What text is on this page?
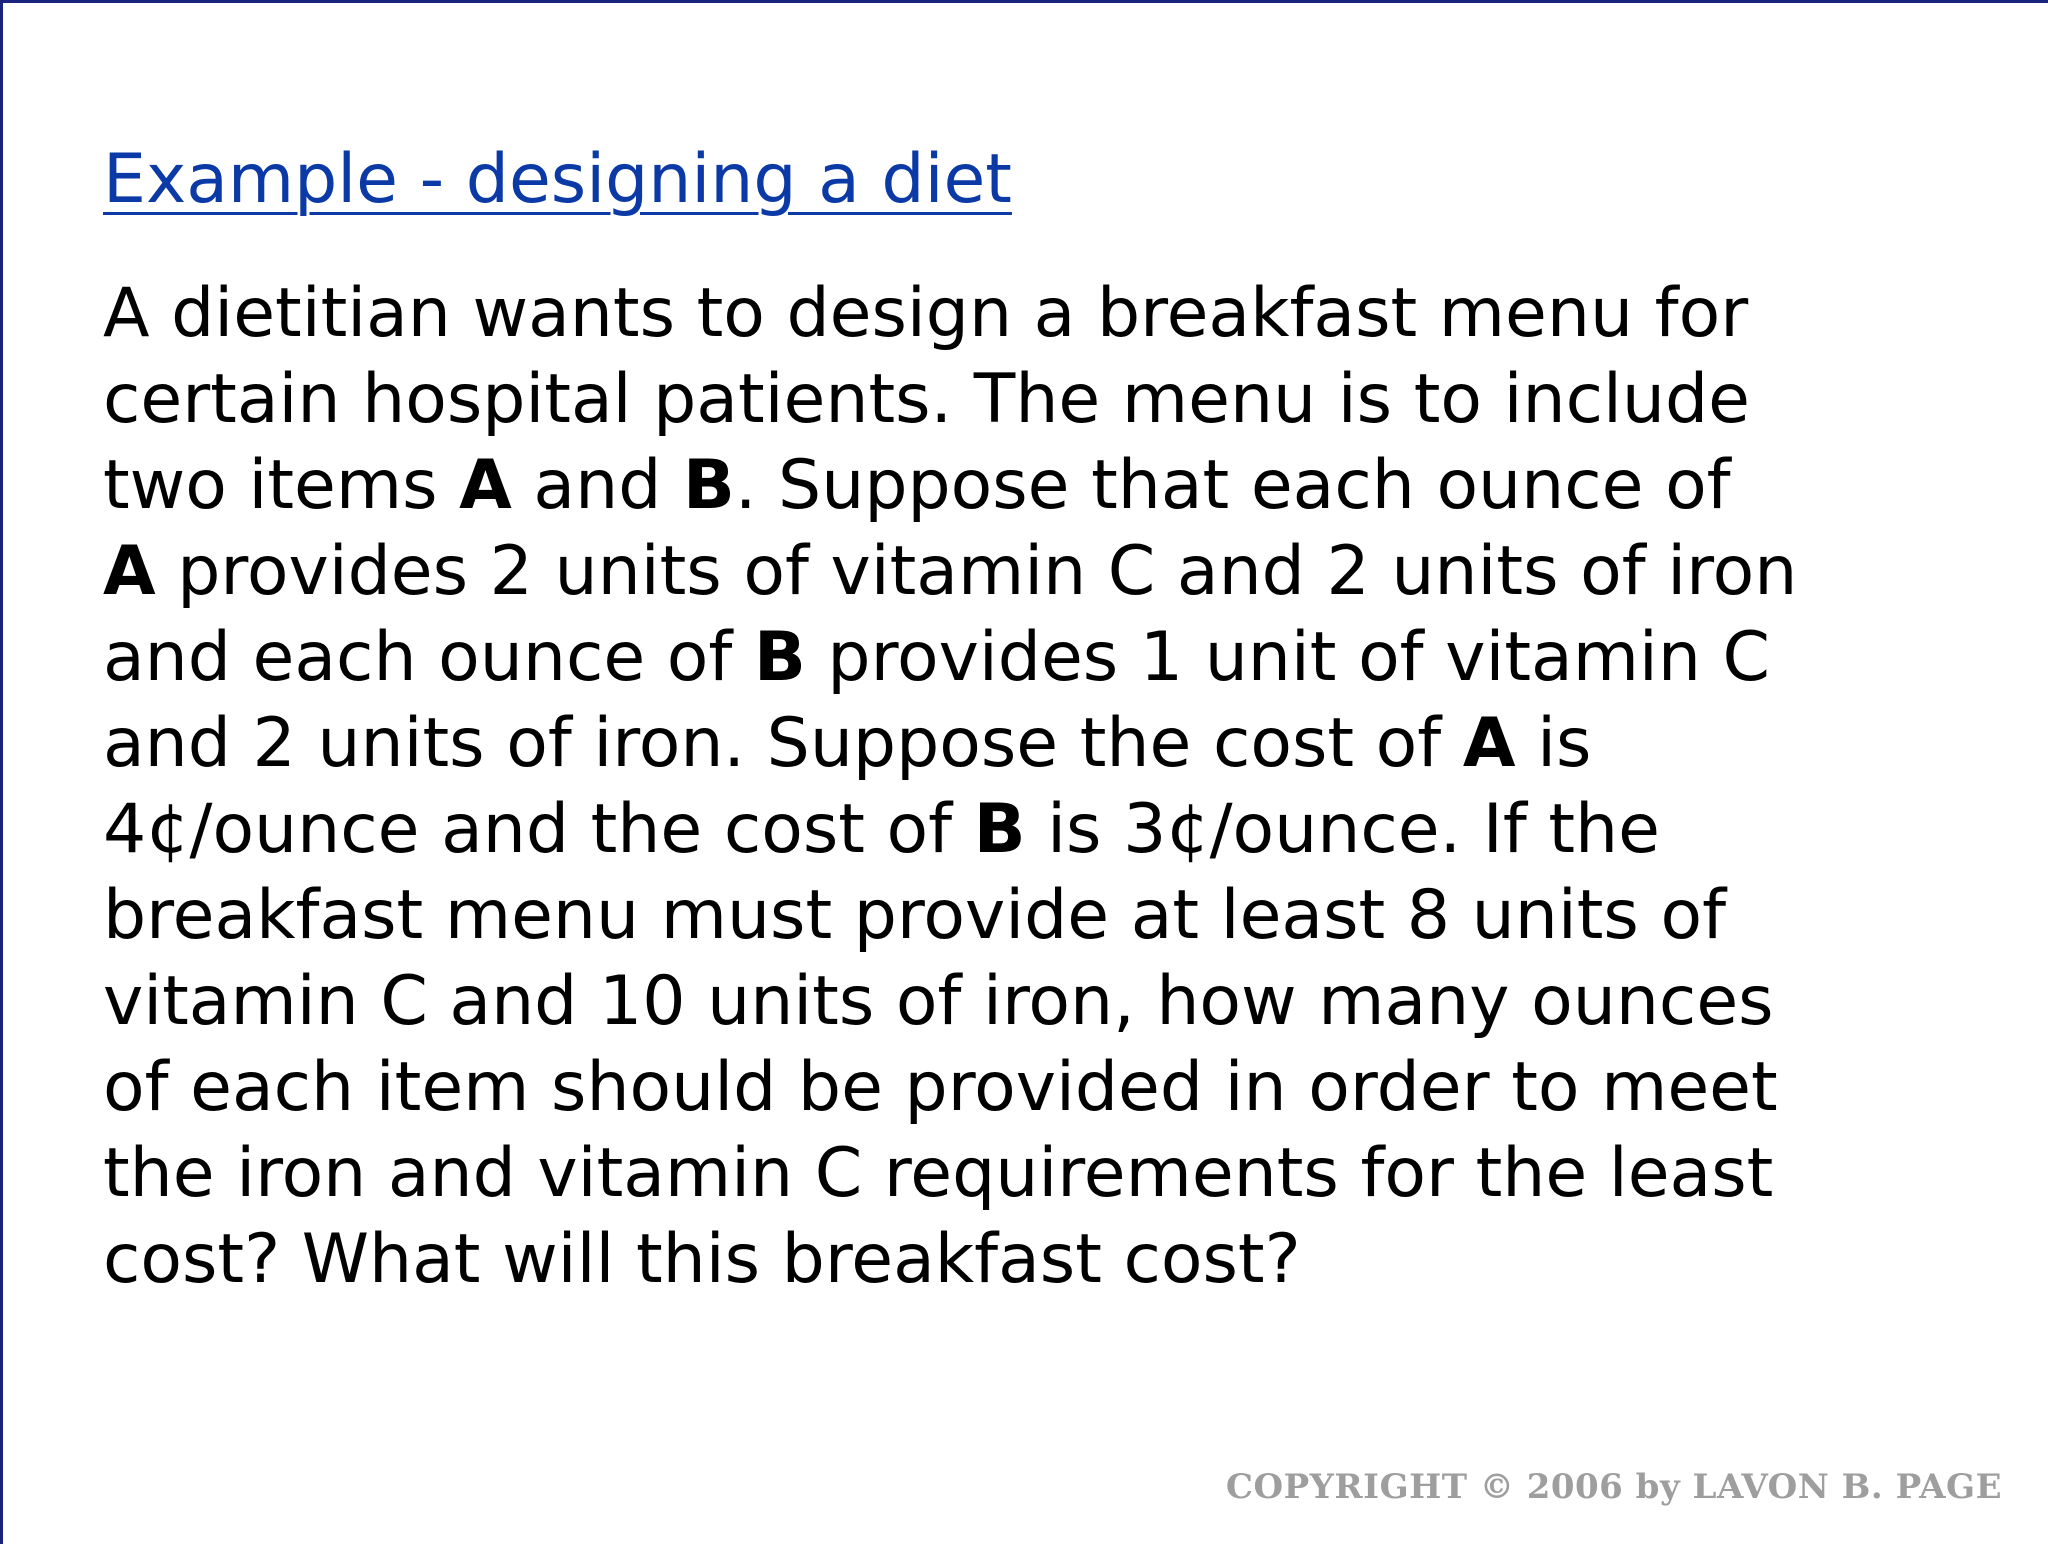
Example - designing a diet
A dietitian wants to design a breakfast menu for
certain hospital patients. The menu is to include
two items A and B. Suppose that each ounce of
A provides 2 units of vitamin C and 2 units of iron
and each ounce of B provides 1 unit of vitamin C
and 2 units of iron. Suppose the cost of A is
4¢/ounce and the cost of B is 3¢/ounce. If the
breakfast menu must provide at least 8 units of
vitamin C and 10 units of iron, how many ounces
of each item should be provided in order to meet
the iron and vitamin C requirements for the least
cost? What will this breakfast cost?
COPYRIGHT © 2006 by LAVON B. PAGE
